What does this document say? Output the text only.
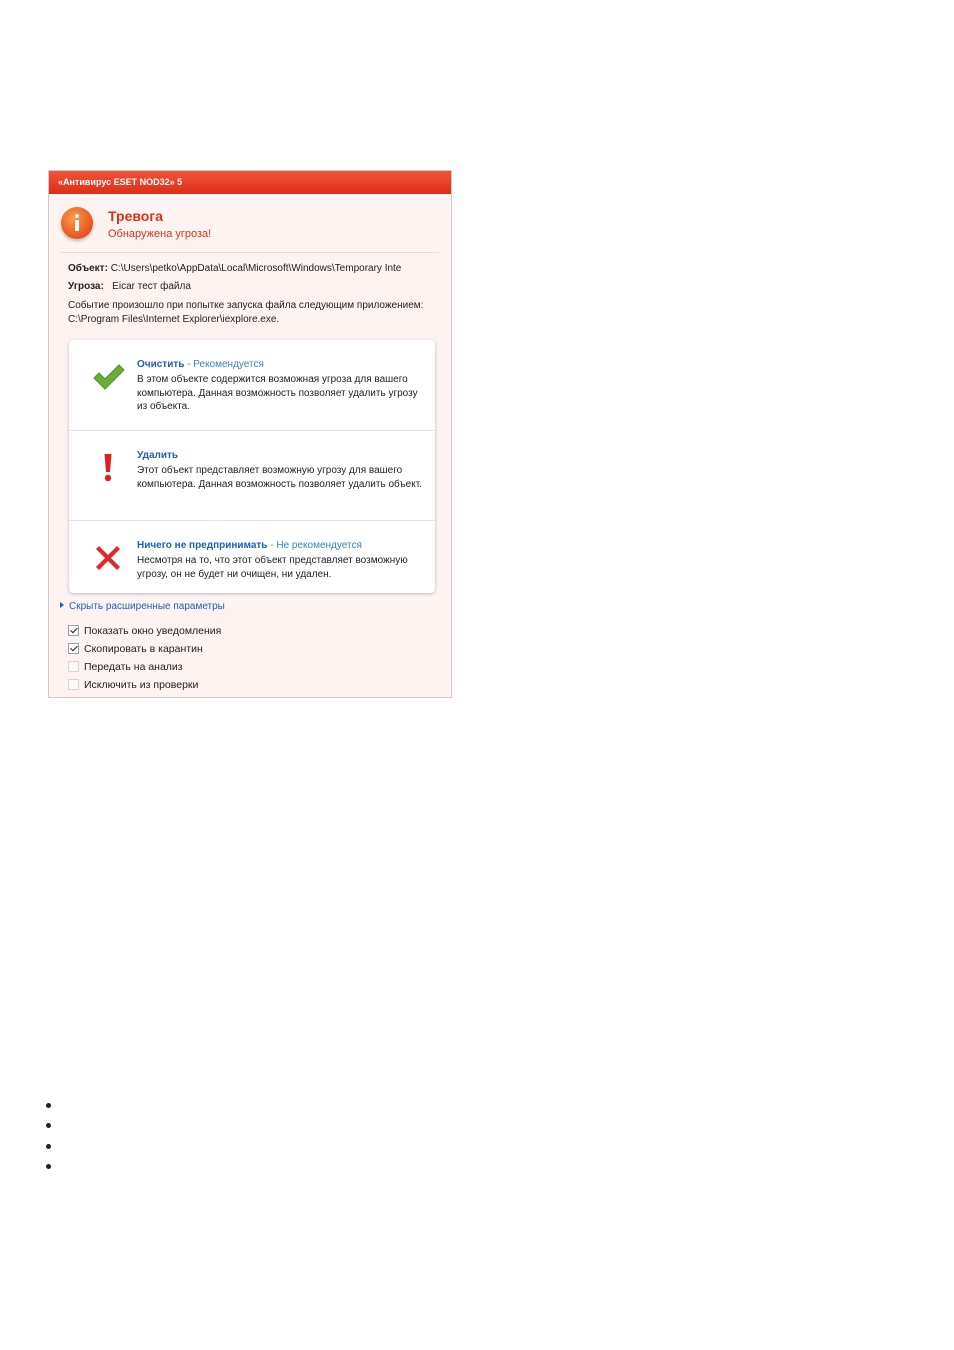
«Антивирус ESET NOD32» 5
Тревога
Обнаружена угроза!
Объект: C:\Users\petko\AppData\Local\Microsoft\Windows\Temporary Inte
Угроза: Eicar тест файла
Событие произошло при попытке запуска файла следующим приложением: C:\Program Files\Internet Explorer\iexplore.exe.
Очистить - Рекомендуется
В этом объекте содержится возможная угроза для вашего компьютера. Данная возможность позволяет удалить угрозу из объекта.
Удалить
Этот объект представляет возможную угрозу для вашего компьютера. Данная возможность позволяет удалить объект.
Ничего не предпринимать - Не рекомендуется
Несмотря на то, что этот объект представляет возможную угрозу, он не будет ни очищен, ни удален.
Скрыть расширенные параметры
Показать окно уведомления
Скопировать в карантин
Передать на анализ
Исключить из проверки
